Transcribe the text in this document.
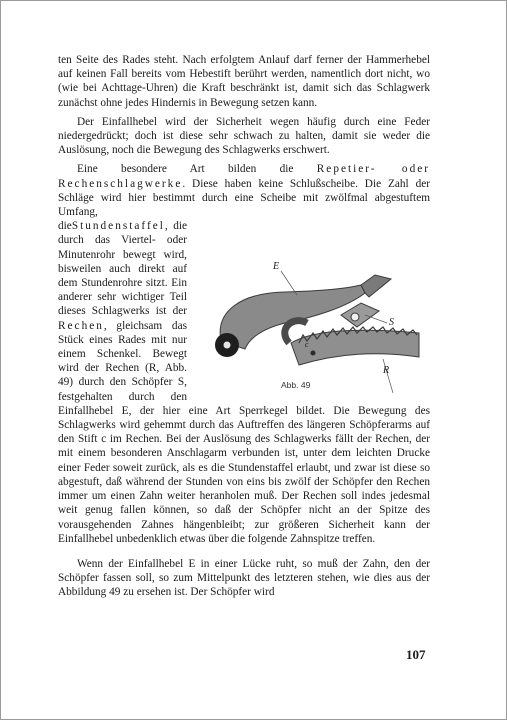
ten Seite des Rades steht. Nach erfolgtem Anlauf darf ferner der Hammerhebel auf keinen Fall bereits vom Hebestift berührt werden, namentlich dort nicht, wo (wie bei Achttage-Uhren) die Kraft beschränkt ist, damit sich das Schlagwerk zunächst ohne jedes Hindernis in Bewegung setzen kann.

Der Einfallhebel wird der Sicherheit wegen häufig durch eine Feder niedergedrückt; doch ist diese sehr schwach zu halten, damit sie weder die Auslösung, noch die Bewegung des Schlagwerks erschwert.

Eine besondere Art bilden die Repetier- oder Rechenschlagwerke. Diese haben keine Schlußscheibe. Die Zahl der Schläge wird hier bestimmt durch eine Scheibe mit zwölfmal abgestuftem Umfang, die
E
S
R
c
Abb. 49
Stundenstaffel, die durch das Viertel- oder Minutenrohr bewegt wird, bisweilen auch direkt auf dem Stundenrohre sitzt. Ein anderer sehr wichtiger Teil dieses Schlagwerks ist der Rechen, gleichsam das Stück eines Rades mit nur einem Schenkel. Bewegt wird der Rechen (R, Abb. 49) durch den Schöpfer S, festgehalten durch den Einfallhebel E, der hier eine Art Sperrkegel bildet. Die Bewegung des Schlagwerks wird gehemmt durch das Auftreffen des längeren Schöpferarms auf den Stift c im Rechen. Bei der Auslösung des Schlagwerks fällt der Rechen, der mit einem besonderen Anschlagarm verbunden ist, unter dem leichten Drucke einer Feder soweit zurück, als es die Stundenstaffel erlaubt, und zwar ist diese so abgestuft, daß während der Stunden von eins bis zwölf der Schöpfer den Rechen immer um einen Zahn weiter heranholen muß. Der Rechen soll indes jedesmal weit genug fallen können, so daß der Schöpfer nicht an der Spitze des vorausgehenden Zahnes hängenbleibt; zur größeren Sicherheit kann der Einfallhebel unbedenklich etwas über die folgende Zahnspitze treffen.

Wenn der Einfallhebel E in einer Lücke ruht, so muß der Zahn, den der Schöpfer fassen soll, so zum Mittelpunkt des letzteren stehen, wie dies aus der Abbildung 49 zu ersehen ist. Der Schöpfer wird

107
